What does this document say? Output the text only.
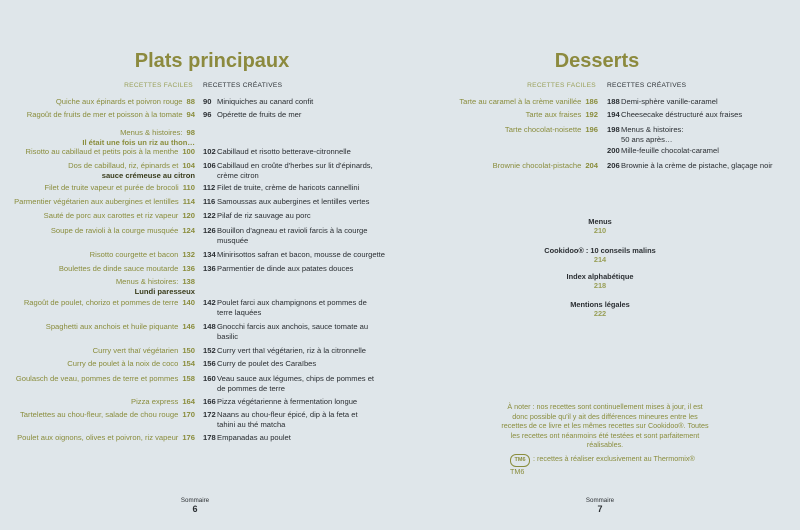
Plats principaux
RECETTES FACILES RECETTES CRÉATIVES
Quiche aux épinards et poivron rouge 88
Ragoût de fruits de mer et poisson à la tomate 94
Menus & histoires: 98
Il était une fois un riz au thon…
Risotto au cabillaud et petits pois à la menthe 100
Dos de cabillaud, riz, épinards et 104
sauce crémeuse au citron
Filet de truite vapeur et purée de brocoli 110
Parmentier végétarien aux aubergines et lentilles 114
Sauté de porc aux carottes et riz vapeur 120
Soupe de ravioli à la courge musquée 124
Risotto courgette et bacon 132
Boulettes de dinde sauce moutarde 136
Menus & histoires: 138
Lundi paresseux
Ragoût de poulet, chorizo et pommes de terre 140
Spaghetti aux anchois et huile piquante 146
Curry vert thaï végétarien 150
Curry de poulet à la noix de coco 154
Goulasch de veau, pommes de terre et pommes 158
Pizza express 164
Tartelettes au chou-fleur, salade de chou rouge 170
Poulet aux oignons, olives et poivron, riz vapeur 176
90 Miniquiches au canard confit
96 Opérette de fruits de mer
102Cabillaud et risotto betterave-citronnelle
106Cabillaud en croûte d'herbes sur lit d'épinards,
crème citron
112 Filet de truite, crème de haricots cannellini
116 Samoussas aux aubergines et lentilles vertes
122Pilaf de riz sauvage au porc
126Bouillon d'agneau et ravioli farcis à la courge
musquée
134Minirisottos safran et bacon, mousse de courgette
136Parmentier de dinde aux patates douces
142Poulet farci aux champignons et pommes de
terre laquées
148Gnocchi farcis aux anchois, sauce tomate au
basilic
152Curry vert thaï végétarien, riz à la citronnelle
156Curry de poulet des Caraïbes
160Veau sauce aux légumes, chips de pommes et
de pommes de terre
166Pizza végétarienne à fermentation longue
172Naans au chou-fleur épicé, dip à la feta et
tahini au thé matcha
178Empanadas au poulet
Sommaire
6
Desserts
RECETTES FACILES RECETTES CRÉATIVES
Tarte au caramel à la crème vanillée 186
Tarte aux fraises 192
Tarte chocolat-noisette 196
Brownie chocolat-pistache 204
188Demi-sphère vanille-caramel
194Cheesecake déstructuré aux fraises
198Menus & histoires:
50 ans après…
200Mille-feuille chocolat-caramel
206Brownie à la crème de pistache, glaçage noir
Menus
210
Cookidoo® : 10 conseils malins
214
Index alphabétique
218
Mentions légales
222
À noter : nos recettes sont continuellement mises à jour, il est donc possible qu'il y ait des différences mineures entre les recettes de ce livre et les mêmes recettes sur Cookidoo®. Toutes les recettes ont néanmoins été testées et sont parfaitement réalisables.
TM6 : recettes à réaliser exclusivement au Thermomix® TM6
Sommaire
7
